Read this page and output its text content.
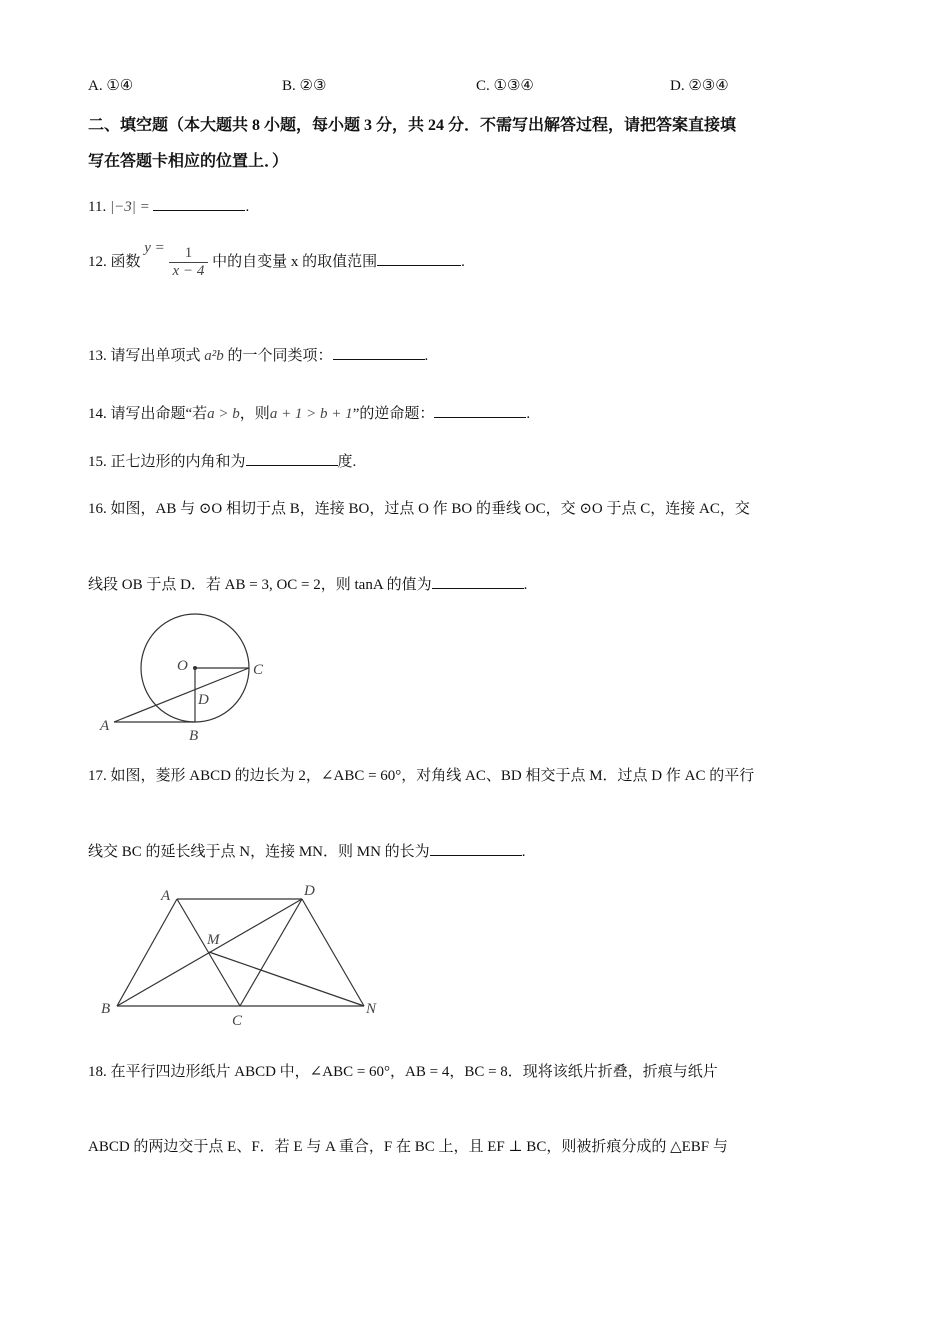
A. ①④	B. ②③	C. ①③④	D. ②③④
二、填空题（本大题共 8 小题，每小题 3 分，共 24 分．不需写出解答过程，请把答案直接填
写在答题卡相应的位置上．）
11. |−3| =	.
12. 函数 $y = \frac{1}{x - 4}$ 中的自变量 x 的取值范围	.
13. 请写出单项式 a²b 的一个同类项：	.
14. 请写出命题“若a > b，则a + 1 > b + 1”的逆命题：	.
15. 正七边形的内角和为	度.
16. 如图，AB 与 ⊙O 相切于点 B，连接 BO，过点 O 作 BO 的垂线 OC，交 ⊙O 于点 C，连接 AC，交
线段 OB 于点 D．若 AB = 3, OC = 2，则 tanA 的值为	.
O	C
D
A
B
17. 如图，菱形 ABCD 的边长为 2，∠ABC = 60°，对角线 AC、BD 相交于点 M．过点 D 作 AC 的平行
线交 BC 的延长线于点 N，连接 MN．则 MN 的长为	.
A	D
M
B
C
N
18. 在平行四边形纸片 ABCD 中，∠ABC = 60°，AB = 4，BC = 8．现将该纸片折叠，折痕与纸片
ABCD 的两边交于点 E、F．若 E 与 A 重合，F 在 BC 上，且 EF ⊥ BC，则被折痕分成的 △EBF 与
